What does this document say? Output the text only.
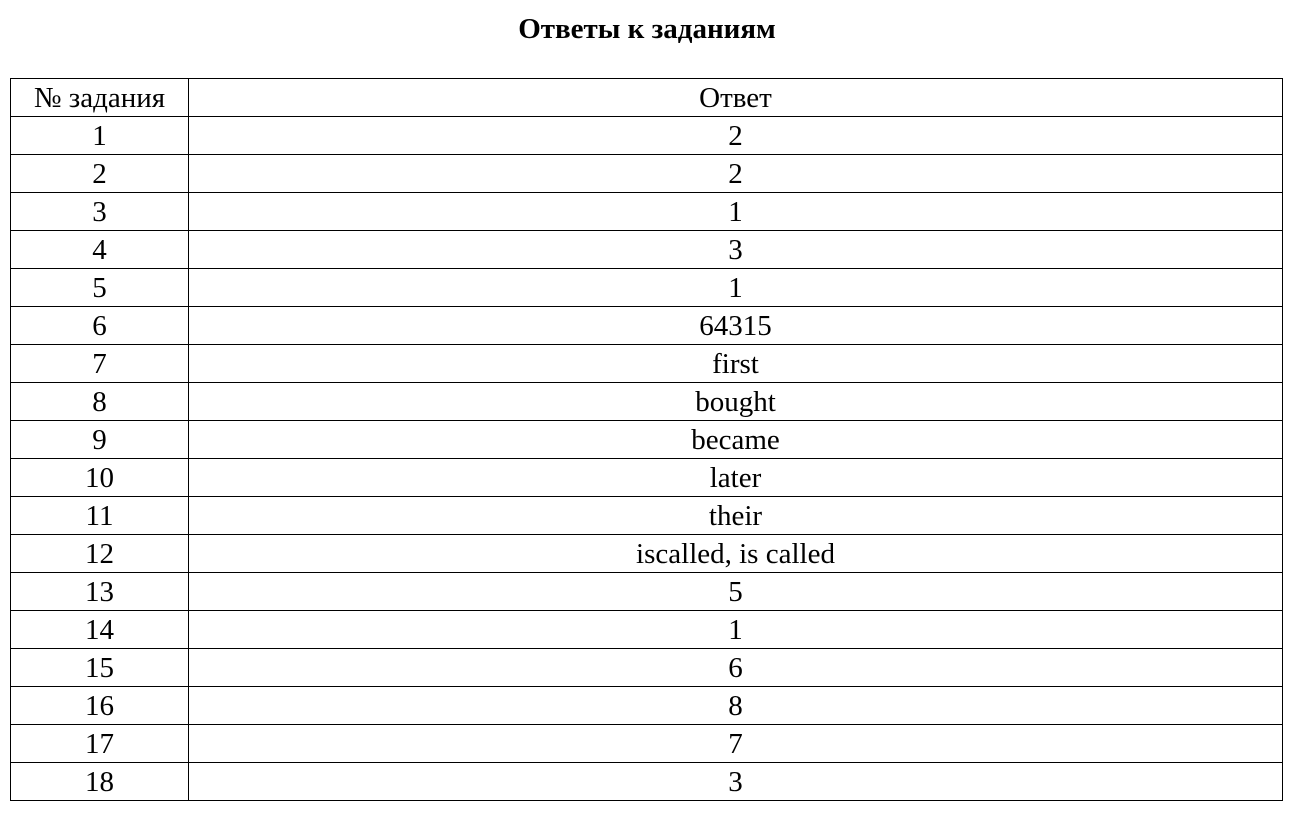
Ответы к заданиям
№ задания	Ответ
1	2
2	2
3	1
4	3
5	1
6	64315
7	first
8	bought
9	became
10	later
11	their
12	iscalled, is called
13	5
14	1
15	6
16	8
17	7
18	3
